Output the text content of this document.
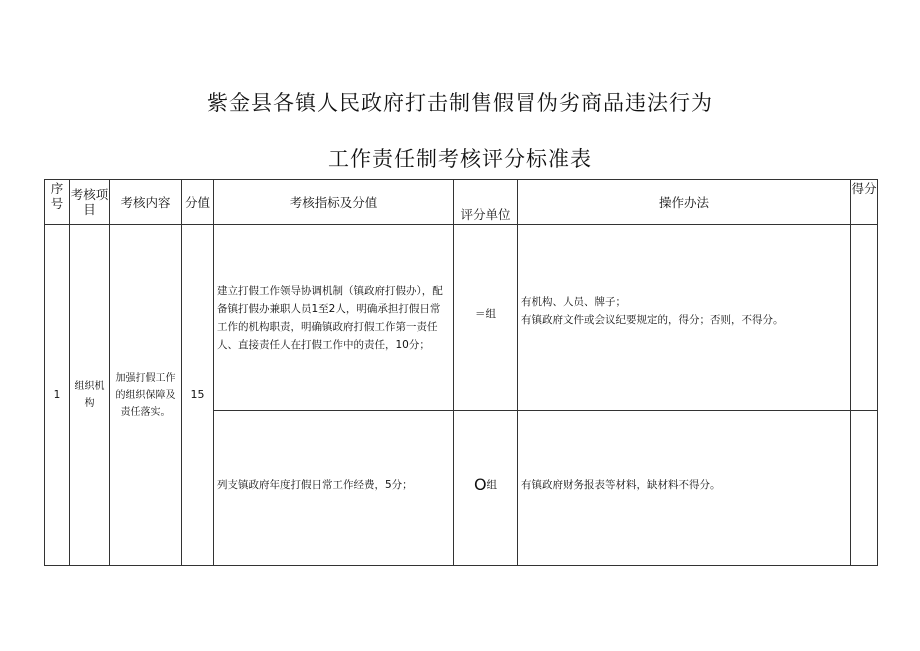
紫金县各镇人民政府打击制售假冒伪劣商品违法行为
工作责任制考核评分标准表
序号	考核项目	考核内容	分值	考核指标及分值	评分单位	操作办法	得分
1	组织机构	加强打假工作的组织保障及责任落实。	15	建立打假工作领导协调机制（镇政府打假办），配备镇打假办兼职人员1至2人，明确承担打假日常工作的机构职责，明确镇政府打假工作第一责任人、直接责任人在打假工作中的责任，10分；	＝组	有机构、人员、牌子；
有镇政府文件或会议纪要规定的，得分；否则，不得分。	

				列支镇政府年度打假日常工作经费，5分；	O组	有镇政府财务报表等材料，缺材料不得分。	
